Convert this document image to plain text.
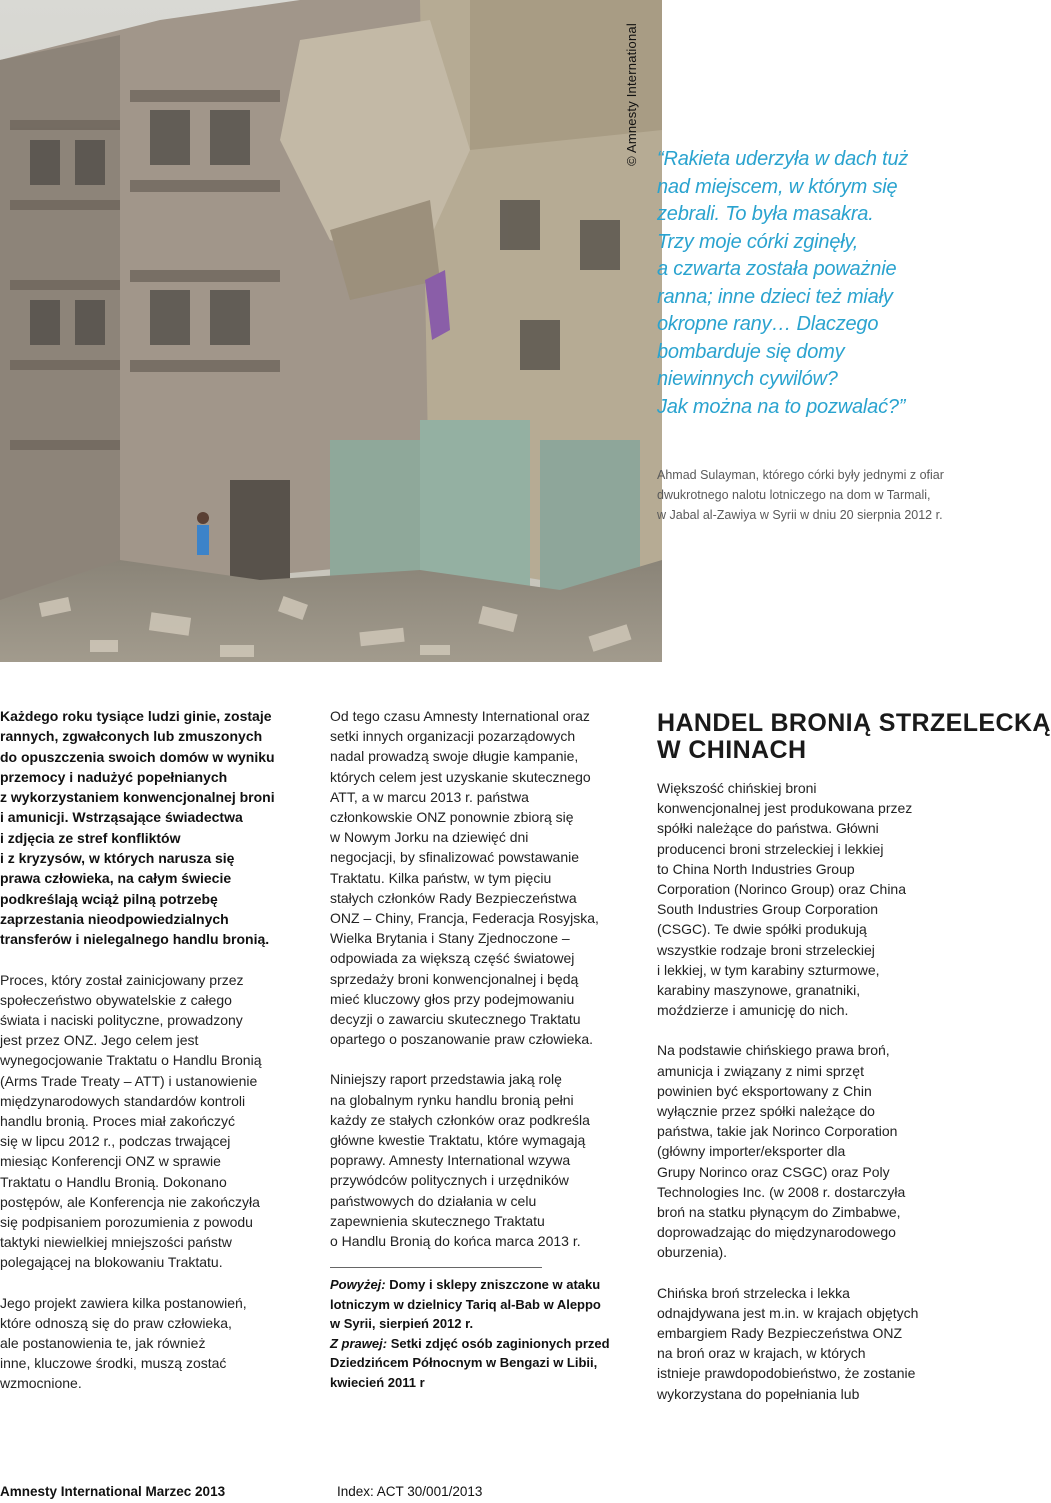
© Amnesty International “Rakieta uderzyła w dach tuż
nad miejscem, w którym się
zebrali. To była masakra.
Trzy moje córki zginęły,
a czwarta została poważnie
ranna; inne dzieci też miały
okropne rany… Dlaczego
bombarduje się domy
niewinnych cywilów?
Jak można na to pozwalać?”
Ahmad Sulayman, którego córki były jednymi z ofiar
dwukrotnego nalotu lotniczego na dom w Tarmali,
w Jabal al-Zawiya w Syrii w dniu 20 sierpnia 2012 r.

Każdego roku tysiące ludzi ginie, zostaje
rannych, zgwałconych lub zmuszonych
do opuszczenia swoich domów w wyniku
przemocy i nadużyć popełnianych
z wykorzystaniem konwencjonalnej broni
i amunicji. Wstrząsające świadectwa
i zdjęcia ze stref konfliktów
i z kryzysów, w których narusza się
prawa człowieka, na całym świecie
podkreślają wciąż pilną potrzebę
zaprzestania nieodpowiedzialnych
transferów i nielegalnego handlu bronią.

Proces, który został zainicjowany przez
społeczeństwo obywatelskie z całego
świata i naciski polityczne, prowadzony
jest przez ONZ. Jego celem jest
wynegocjowanie Traktatu o Handlu Bronią
(Arms Trade Treaty – ATT) i ustanowienie
międzynarodowych standardów kontroli
handlu bronią. Proces miał zakończyć
się w lipcu 2012 r., podczas trwającej
miesiąc Konferencji ONZ w sprawie
Traktatu o Handlu Bronią. Dokonano
postępów, ale Konferencja nie zakończyła
się podpisaniem porozumienia z powodu
taktyki niewielkiej mniejszości państw
polegającej na blokowaniu Traktatu.

Jego projekt zawiera kilka postanowień,
które odnoszą się do praw człowieka,
ale postanowienia te, jak również
inne, kluczowe środki, muszą zostać
wzmocnione.

Od tego czasu Amnesty International oraz
setki innych organizacji pozarządowych
nadal prowadzą swoje długie kampanie,
których celem jest uzyskanie skutecznego
ATT, a w marcu 2013 r. państwa
członkowskie ONZ ponownie zbiorą się
w Nowym Jorku na dziewięć dni
negocjacji, by sfinalizować powstawanie
Traktatu. Kilka państw, w tym pięciu
stałych członków Rady Bezpieczeństwa
ONZ – Chiny, Francja, Federacja Rosyjska,
Wielka Brytania i Stany Zjednoczone –
odpowiada za większą część światowej
sprzedaży broni konwencjonalnej i będą
mieć kluczowy głos przy podejmowaniu
decyzji o zawarciu skutecznego Traktatu
opartego o poszanowanie praw człowieka.

Niniejszy raport przedstawia jaką rolę
na globalnym rynku handlu bronią pełni
każdy ze stałych członków oraz podkreśla
główne kwestie Traktatu, które wymagają
poprawy. Amnesty International wzywa
przywódców politycznych i urzędników
państwowych do działania w celu
zapewnienia skutecznego Traktatu
o Handlu Bronią do końca marca 2013 r.

Powyżej: Domy i sklepy zniszczone w ataku
lotniczym w dzielnicy Tariq al-Bab w Aleppo
w Syrii, sierpień 2012 r.
Z prawej: Setki zdjęć osób zaginionych przed
Dziedzińcem Północnym w Bengazi w Libii,
kwiecień 2011 r
HANDEL BRONIĄ STRZELECKĄ
W CHINACH

Większość chińskiej broni
konwencjonalnej jest produkowana przez
spółki należące do państwa. Główni
producenci broni strzeleckiej i lekkiej
to China North Industries Group
Corporation (Norinco Group) oraz China
South Industries Group Corporation
(CSGC). Te dwie spółki produkują
wszystkie rodzaje broni strzeleckiej
i lekkiej, w tym karabiny szturmowe,
karabiny maszynowe, granatniki,
moździerze i amunicję do nich.

Na podstawie chińskiego prawa broń,
amunicja i związany z nimi sprzęt
powinien być eksportowany z Chin
wyłącznie przez spółki należące do
państwa, takie jak Norinco Corporation
(główny importer/eksporter dla
Grupy Norinco oraz CSGC) oraz Poly
Technologies Inc. (w 2008 r. dostarczyła
broń na statku płynącym do Zimbabwe,
doprowadzając do międzynarodowego
oburzenia).

Chińska broń strzelecka i lekka
odnajdywana jest m.in. w krajach objętych
embargiem Rady Bezpieczeństwa ONZ
na broń oraz w krajach, w których
istnieje prawdopodobieństwo, że zostanie
wykorzystana do popełniania lub

Amnesty International Marzec 2013	Index: ACT 30/001/2013
